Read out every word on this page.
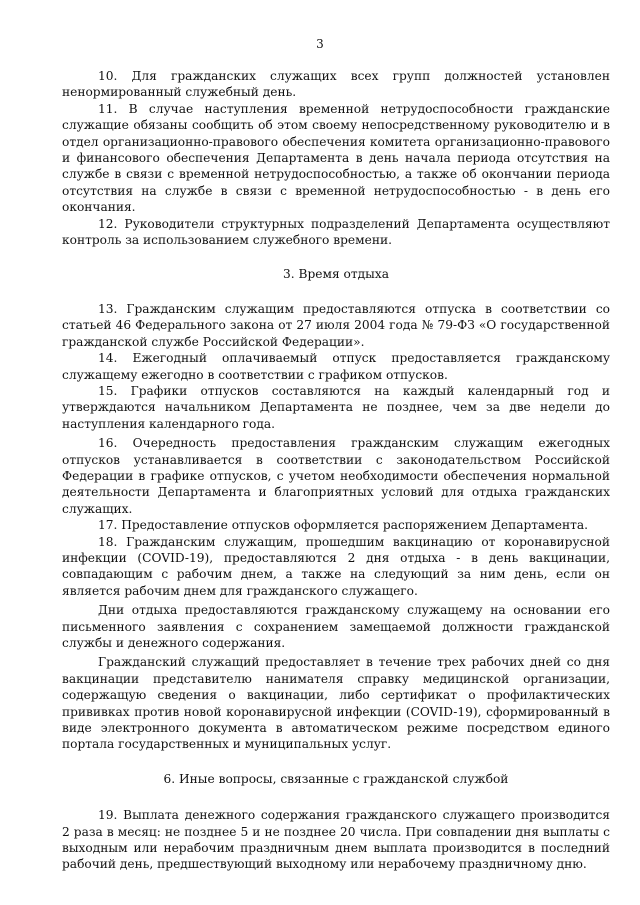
3

10. Для гражданских служащих всех групп должностей установлен ненормированный служебный день.

11. В случае наступления временной нетрудоспособности гражданские служащие обязаны сообщить об этом своему непосредственному руководителю и в отдел организационно-правового обеспечения комитета организационно-правового и финансового обеспечения Департамента в день начала периода отсутствия на службе в связи с временной нетрудоспособностью, а также об окончании периода отсутствия на службе в связи с временной нетрудоспособностью - в день его окончания.

12. Руководители структурных подразделений Департамента осуществляют контроль за использованием служебного времени.

3. Время отдыха

13. Гражданским служащим предоставляются отпуска в соответствии со статьей 46 Федерального закона от 27 июля 2004 года № 79-ФЗ «О государственной гражданской службе Российской Федерации».

14. Ежегодный оплачиваемый отпуск предоставляется гражданскому служащему ежегодно в соответствии с графиком отпусков.

15. Графики отпусков составляются на каждый календарный год и утверждаются начальником Департамента не позднее, чем за две недели до наступления календарного года.

16. Очередность предоставления гражданским служащим ежегодных отпусков устанавливается в соответствии с законодательством Российской Федерации в графике отпусков, с учетом необходимости обеспечения нормальной деятельности Департамента и благоприятных условий для отдыха гражданских служащих.

17. Предоставление отпусков оформляется распоряжением Департамента.

18. Гражданским служащим, прошедшим вакцинацию от коронавирусной инфекции (COVID-19), предоставляются 2 дня отдыха - в день вакцинации, совпадающим с рабочим днем, а также на следующий за ним день, если он является рабочим днем для гражданского служащего.

Дни отдыха предоставляются гражданскому служащему на основании его письменного заявления с сохранением замещаемой должности гражданской службы и денежного содержания.

Гражданский служащий предоставляет в течение трех рабочих дней со дня вакцинации представителю нанимателя справку медицинской организации, содержащую сведения о вакцинации, либо сертификат о профилактических прививках против новой коронавирусной инфекции (COVID-19), сформированный в виде электронного документа в автоматическом режиме посредством единого портала государственных и муниципальных услуг.

6. Иные вопросы, связанные с гражданской службой

19. Выплата денежного содержания гражданского служащего производится 2 раза в месяц: не позднее 5 и не позднее 20 числа. При совпадении дня выплаты с выходным или нерабочим праздничным днем выплата производится в последний рабочий день, предшествующий выходному или нерабочему праздничному дню.
